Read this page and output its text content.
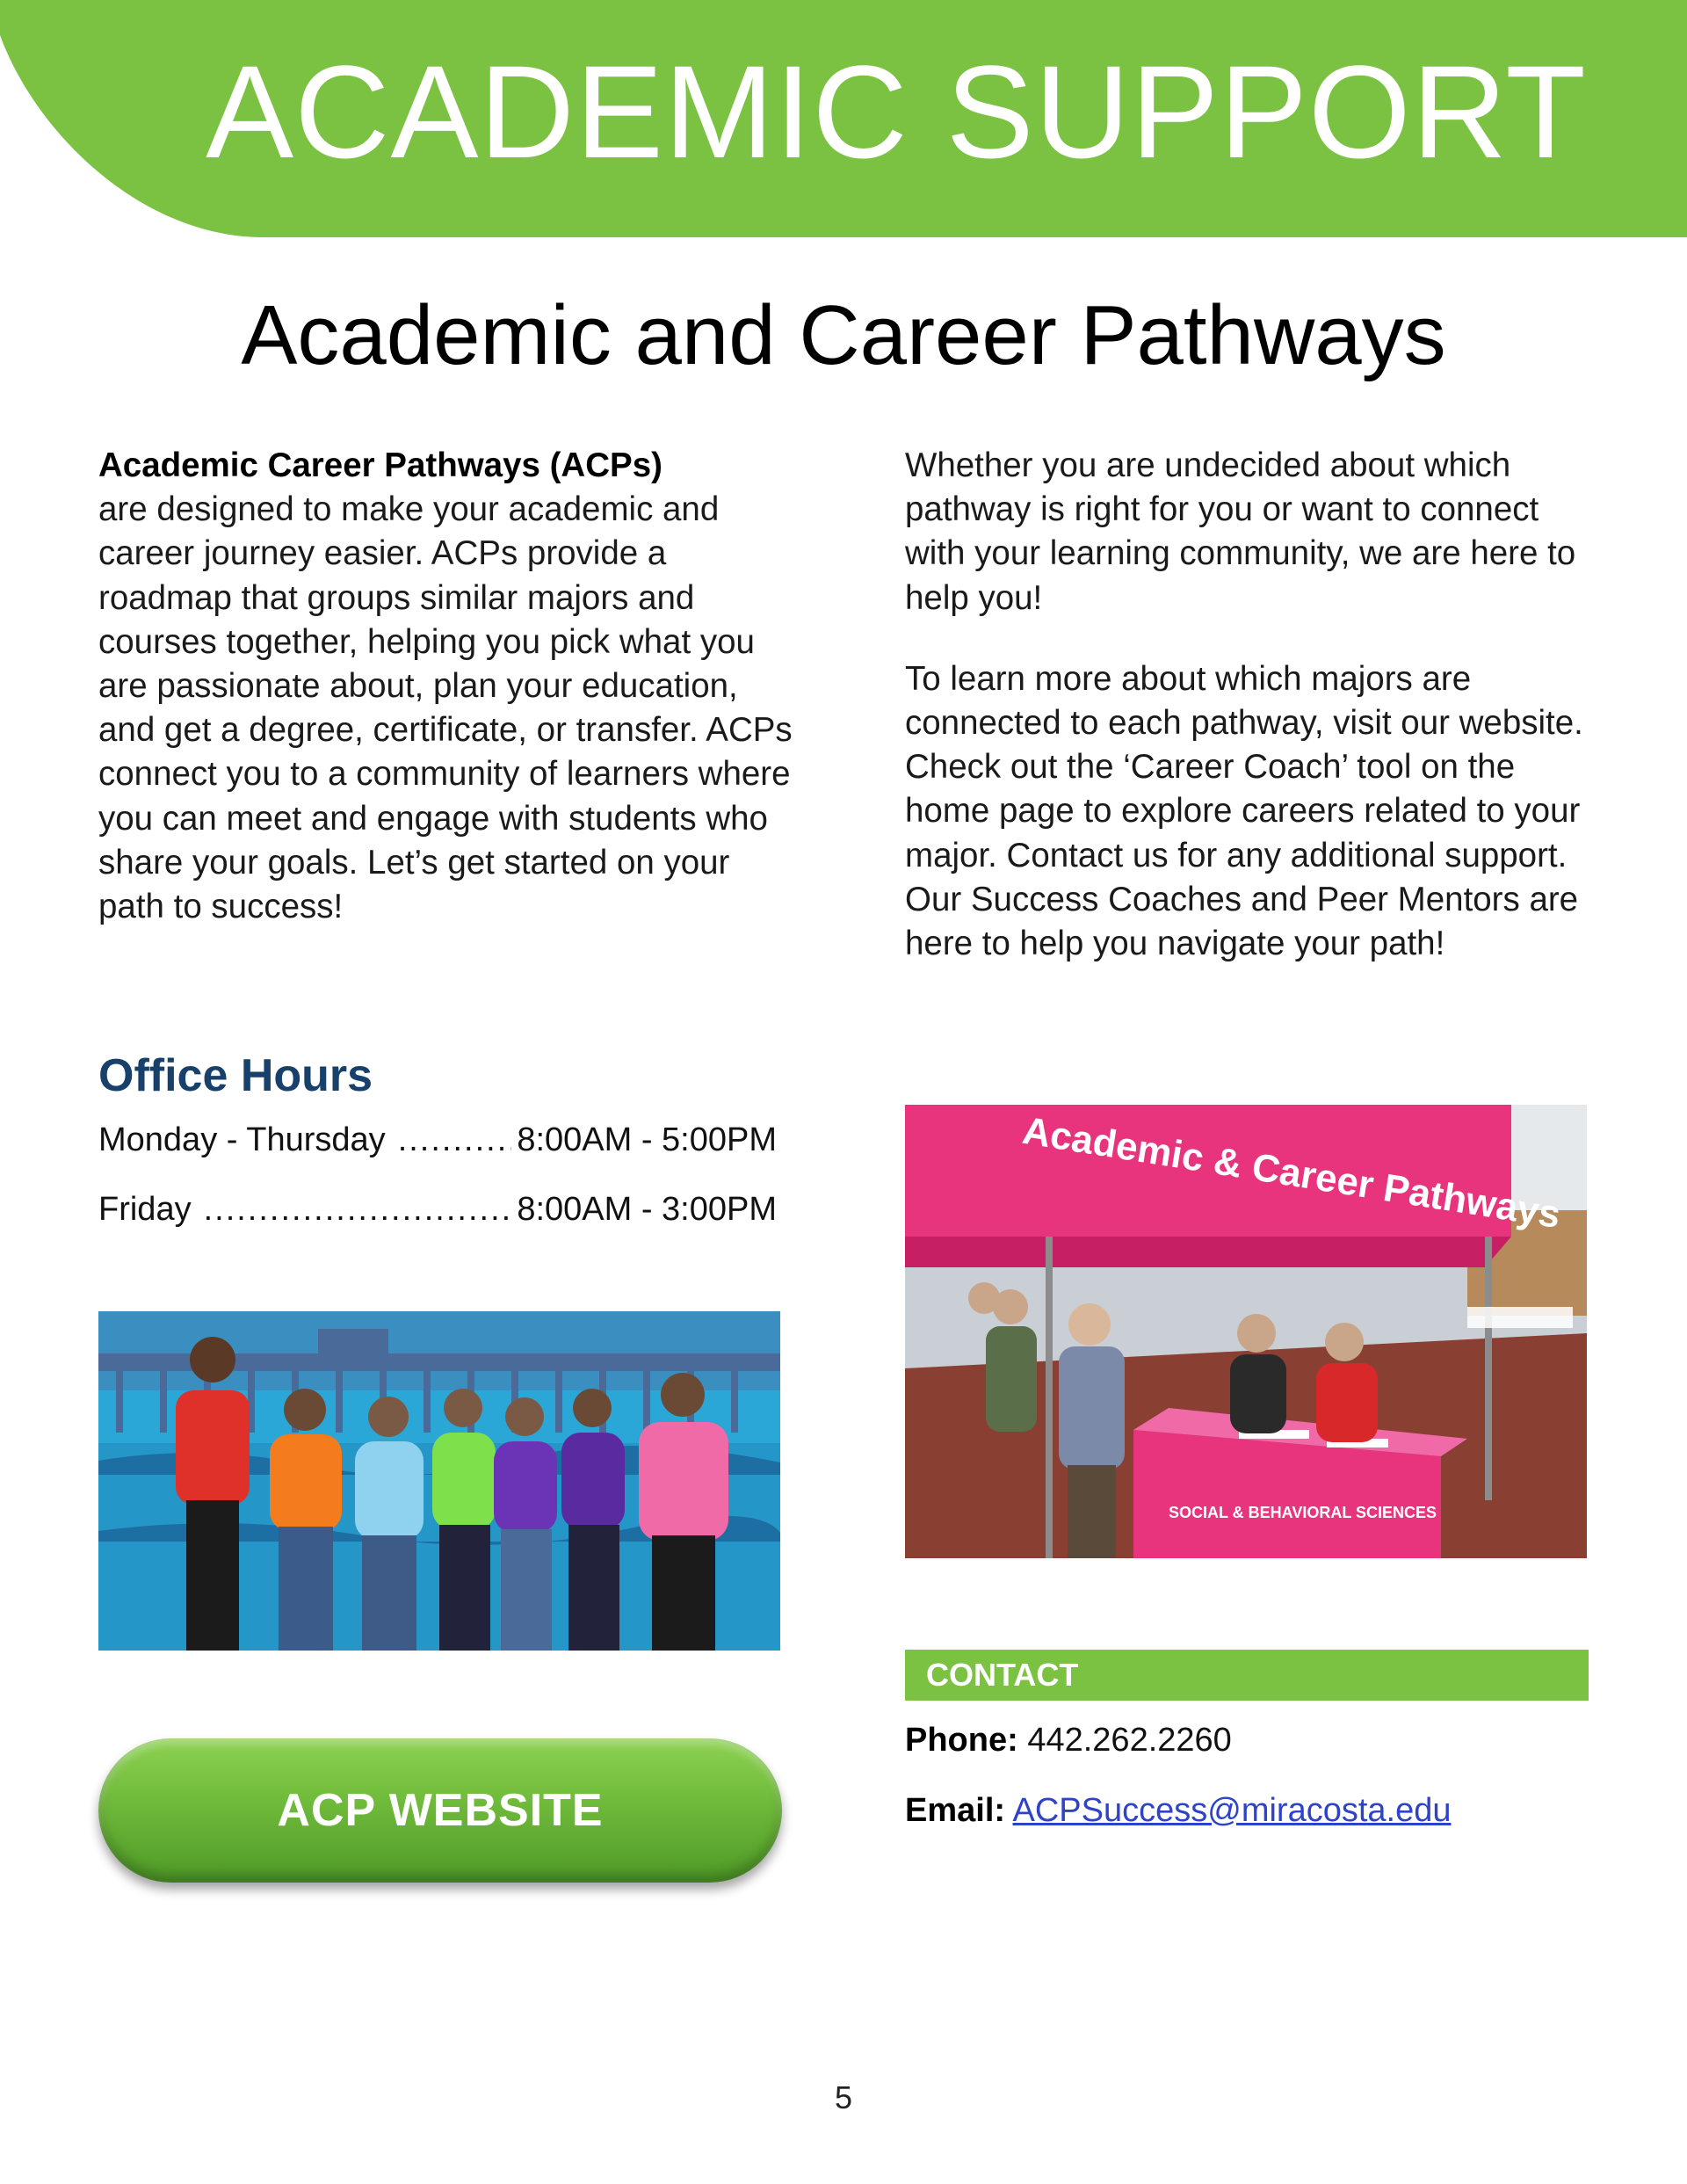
ACADEMIC SUPPORT
Academic and Career Pathways

Academic Career Pathways (ACPs)
are designed to make your academic and career journey easier. ACPs provide a roadmap that groups similar majors and courses together, helping you pick what you are passionate about, plan your education, and get a degree, certificate, or transfer. ACPs connect you to a community of learners where you can meet and engage with students who share your goals. Let’s get started on your path to success!

Whether you are undecided about which pathway is right for you or want to connect with your learning community, we are here to help you!

To learn more about which majors are connected to each pathway, visit our website. Check out the ‘Career Coach’ tool on the home page to explore careers related to your major. Contact us for any additional support. Our Success Coaches and Peer Mentors are here to help you navigate your path!

Office Hours
Monday - Thursday .....	8:00AM - 5:00PM
Friday .....	8:00AM - 3:00PM	Academic & Career Pathways
SOCIAL & BEHAVIORAL SCIENCES
ACP WEBSITE
CONTACT
Phone: 442.262.2260
Email: ACPSuccess@miracosta.edu
5
